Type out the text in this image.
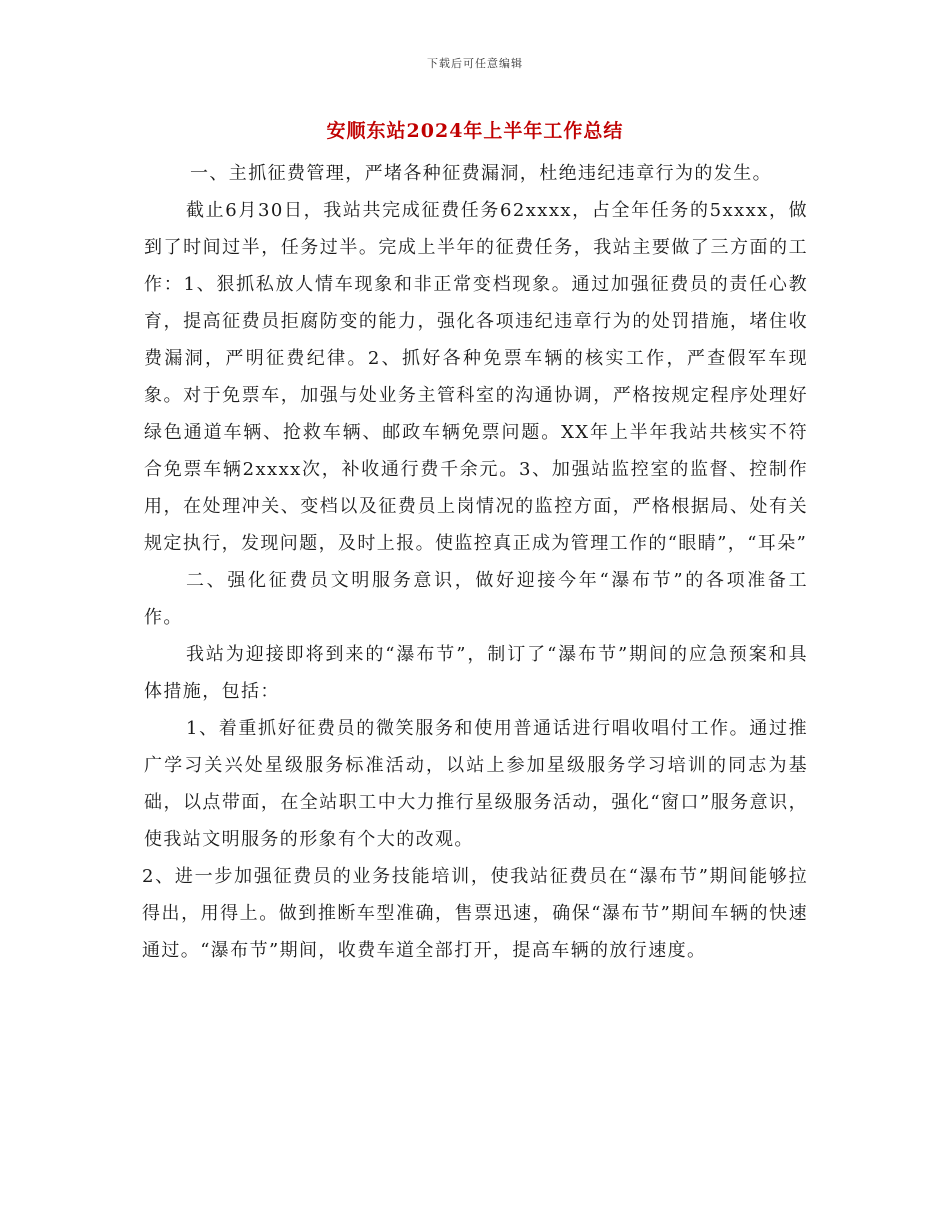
下载后可任意编辑
安顺东站2024年上半年工作总结

一、主抓征费管理，严堵各种征费漏洞，杜绝违纪违章行为的发生。

截止6月30日，我站共完成征费任务62xxxx，占全年任务的5xxxx，做到了时间过半，任务过半。完成上半年的征费任务，我站主要做了三方面的工作：1、狠抓私放人情车现象和非正常变档现象。通过加强征费员的责任心教育，提高征费员拒腐防变的能力，强化各项违纪违章行为的处罚措施，堵住收费漏洞，严明征费纪律。2、抓好各种免票车辆的核实工作，严查假军车现象。对于免票车，加强与处业务主管科室的沟通协调，严格按规定程序处理好绿色通道车辆、抢救车辆、邮政车辆免票问题。XX年上半年我站共核实不符合免票车辆2xxxx次，补收通行费千余元。3、加强站监控室的监督、控制作用，在处理冲关、变档以及征费员上岗情况的监控方面，严格根据局、处有关规定执行，发现问题，及时上报。使监控真正成为管理工作的“眼睛”，“耳朵”

二、强化征费员文明服务意识，做好迎接今年“瀑布节”的各项准备工作。

我站为迎接即将到来的“瀑布节”，制订了“瀑布节”期间的应急预案和具体措施，包括：

1、着重抓好征费员的微笑服务和使用普通话进行唱收唱付工作。通过推广学习关兴处星级服务标准活动，以站上参加星级服务学习培训的同志为基础，以点带面，在全站职工中大力推行星级服务活动，强化“窗口”服务意识，使我站文明服务的形象有个大的改观。

2、进一步加强征费员的业务技能培训，使我站征费员在“瀑布节”期间能够拉得出，用得上。做到推断车型准确，售票迅速，确保“瀑布节”期间车辆的快速通过。“瀑布节”期间，收费车道全部打开，提高车辆的放行速度。
